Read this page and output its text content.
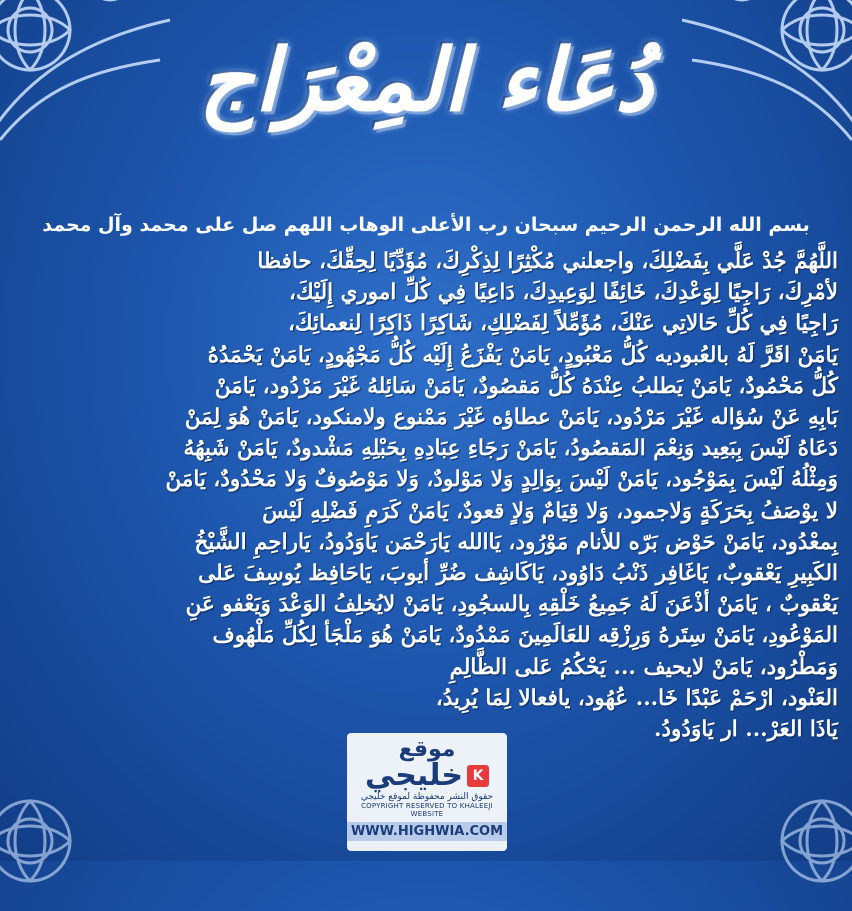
دُعَاء المِعْرَاج
بسم الله الرحمن الرحيم سبحان رب الأعلى الوهاب اللهم صل على محمد وآل محمد
اللَّهُمَّ جُدْ عَلَّي بِفَضْلِكَ، واجعلني مُكْثِرًا لِذِكْرِكَ، مُؤَدِّيًا لِحِقِّكَ، حافظا
لأمْرِكَ، رَاجِيًا لِوَعْدِكَ، خَائِفًا لِوَعِيدِكَ، دَاعِيًا فِي كُلِّ اموري إِلَيْكَ،
رَاجِيًا فِي كُلِّ حَالاتِي عَنْكَ، مُؤَمِّلاً لِفَضْلِكِ، شَاكِرًا ذَاكِرًا لِنعمائِكَ،
يَامَنْ اقَرَّ لَهُ بالعُبوديه كُلُّ مَعْبُودٍ، يَامَنْ يَفْزَعُ إِلَيْه كُلُّ مَجْهُودٍ، يَامَنْ يَحْمَدُهُ
كُلُّ مَحْمُودٌ، يَامَنْ يَطلبُ عِنْدَهُ كُلُّ مَقصُودٌ، يَامَنْ سَائِلهُ غَيْرَ مَرْدُود، يَامَنْ
بَابِهِ عَنْ سُؤاله غَيْرَ مَرْدُود، يَامَنْ عطاؤه غَيْرَ مَمْنوع ولامنكود، يَامَنْ هُوَ لِمَنْ
دَعَاهُ لَيْسَ بِبَعِيد وَنِعْمَ المَقصُودُ، يَامَنْ رَجَاءِ عِبَادِهِ بِحَبْلِهِ مَشْدودٌ، يَامَنْ شَبِهُهُ
وَمِثْلُهُ لَيْسَ بِمَوْجُود، يَامَنْ لَيْسَ بِوَالِدٍ وَلا مَوْلودٌ، وَلا مَوْصُوفٌ وَلا مَحْدُودٌ، يَامَنْ
لا يوْصَفُ بِحَرَكَةٍ وَلاجمود، وَلا قِيَامٌ وَلاٍ قعودٌ، يَامَنْ كَرَمِ فَضْلِهِ لَيْسَ
بِمعْدُود، يَامَنْ حَوْض بَرّه للأنام مَوْرُود، يَاالله يَارَحْمَن يَاوَدُودُ، يَاراحِمِ الشَّيْخُ
الكَبِيرِ يَعْقوبٌ، يَاغَافِر ذَنْبُ دَاوُود، يَاكَاشِف ضُرِّ أيوبَ، يَاحَافِظ يُوسِفَ عَلى
يَعْقوبٌ ، يَامَنْ أذْعَنَ لَهُ جَمِيعُ خَلْقِهِ بِالسجُودِ، يَامَنْ لايُخلِفُ الوَعْدَ وَيَعْفو عَنِ
المَوْعُودِ، يَامَنْ سِتَرهُ وَرِزْقِه للعَالَمِينَ مَمْدُودٌ، يَامَنْ هُوَ مَلْجَأ لِكُلِّ مَلْهُوف
وَمَطْرُود، يَامَنْ لايحيف ... يَحْكُمُ عَلى الظَّالِمِ
العَنْود، ارْحَمْ عَبْدًا خَا... عُهُود، يافعالا لِمَا يُرِيدُ،
يَاذَا العَرْ... ار يَاوَدُودُ.
موقع
خليجي K
حقوق النشر محفوظة لموقع خليجي
COPYRIGHT RESERVED TO KHALEEJI WEBSITE
WWW.HIGHWIA.COM
